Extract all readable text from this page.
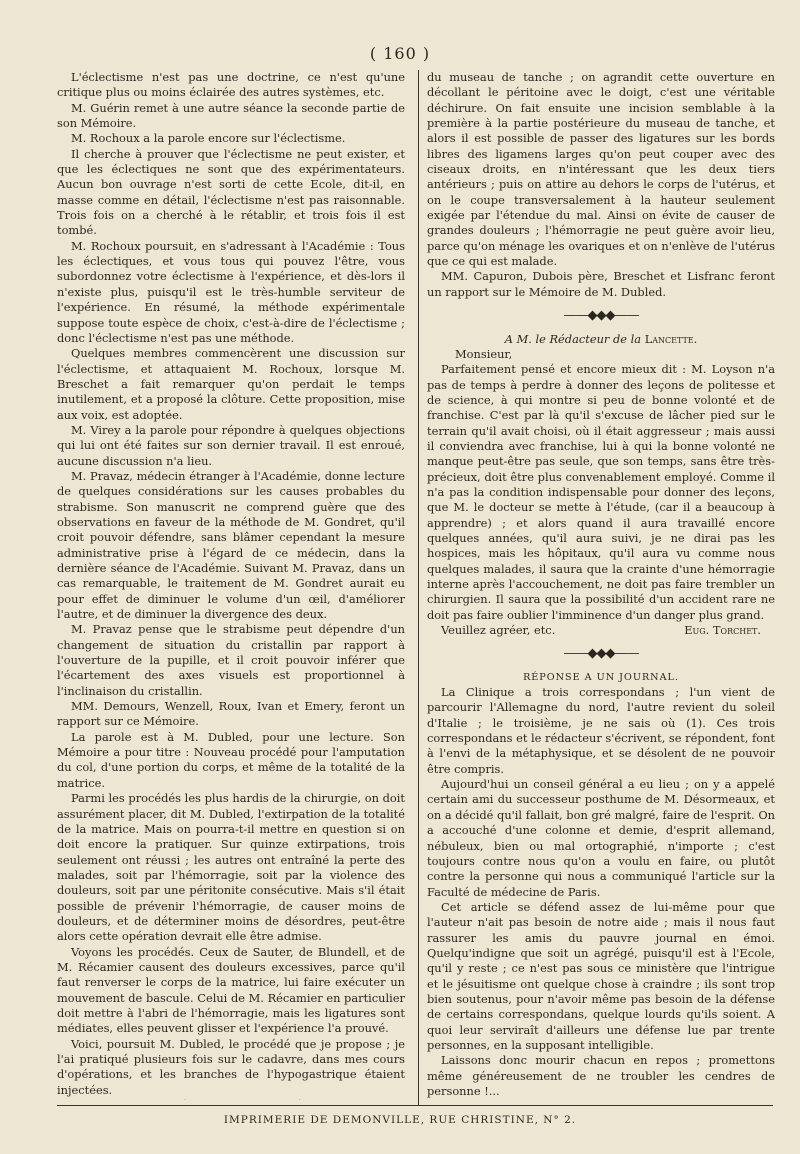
( 160 )

L'éclectisme n'est pas une doctrine, ce n'est qu'une critique plus ou moins éclairée des autres systèmes, etc.

M. Guérin remet à une autre séance la seconde partie de son Mémoire.

M. Rochoux a la parole encore sur l'éclectisme.

Il cherche à prouver que l'éclectisme ne peut exister, et que les éclectiques ne sont que des expérimentateurs. Aucun bon ouvrage n'est sorti de cette Ecole, dit-il, en masse comme en détail, l'éclectisme n'est pas raisonnable. Trois fois on a cherché à le rétablir, et trois fois il est tombé.

M. Rochoux poursuit, en s'adressant à l'Académie : Tous les éclectiques, et vous tous qui pouvez l'être, vous subordonnez votre éclectisme à l'expérience, et dès-lors il n'existe plus, puisqu'il est le très-humble serviteur de l'expérience. En résumé, la méthode expérimentale suppose toute espèce de choix, c'est-à-dire de l'éclectisme ; donc l'éclectisme n'est pas une méthode.

Quelques membres commencèrent une discussion sur l'éclectisme, et attaquaient M. Rochoux, lorsque M. Breschet a fait remarquer qu'on perdait le temps inutilement, et a proposé la clôture. Cette proposition, mise aux voix, est adoptée.

M. Virey a la parole pour répondre à quelques objections qui lui ont été faites sur son dernier travail. Il est enroué, aucune discussion n'a lieu.

M. Pravaz, médecin étranger à l'Académie, donne lecture de quelques considérations sur les causes probables du strabisme. Son manuscrit ne comprend guère que des observations en faveur de la méthode de M. Gondret, qu'il croit pouvoir défendre, sans blâmer cependant la mesure administrative prise à l'égard de ce médecin, dans la dernière séance de l'Académie. Suivant M. Pravaz, dans un cas remarquable, le traitement de M. Gondret aurait eu pour effet de diminuer le volume d'un œil, d'améliorer l'autre, et de diminuer la divergence des deux.

M. Pravaz pense que le strabisme peut dépendre d'un changement de situation du cristallin par rapport à l'ouverture de la pupille, et il croit pouvoir inférer que l'écartement des axes visuels est proportionnel à l'inclinaison du cristallin.

MM. Demours, Wenzell, Roux, Ivan et Emery, feront un rapport sur ce Mémoire.

La parole est à M. Dubled, pour une lecture. Son Mémoire a pour titre : Nouveau procédé pour l'amputation du col, d'une portion du corps, et même de la totalité de la matrice.

Parmi les procédés les plus hardis de la chirurgie, on doit assurément placer, dit M. Dubled, l'extirpation de la totalité de la matrice. Mais on pourra-t-il mettre en question si on doit encore la pratiquer. Sur quinze extirpations, trois seulement ont réussi ; les autres ont entraîné la perte des malades, soit par l'hémorragie, soit par la violence des douleurs, soit par une péritonite consécutive. Mais s'il était possible de prévenir l'hémorragie, de causer moins de douleurs, et de déterminer moins de désordres, peut-être alors cette opération devrait elle être admise.

Voyons les procédés. Ceux de Sauter, de Blundell, et de M. Récamier causent des douleurs excessives, parce qu'il faut renverser le corps de la matrice, lui faire exécuter un mouvement de bascule. Celui de M. Récamier en particulier doit mettre à l'abri de l'hémorragie, mais les ligatures sont médiates, elles peuvent glisser et l'expérience l'a prouvé.

Voici, poursuit M. Dubled, le procédé que je propose ; je l'ai pratiqué plusieurs fois sur le cadavre, dans mes cours d'opérations, et les branches de l'hypogastrique étaient injectées.

du museau de tanche ; on agrandit cette ouverture en décollant le péritoine avec le doigt, c'est une véritable déchirure. On fait ensuite une incision semblable à la première à la partie postérieure du museau de tanche, et alors il est possible de passer des ligatures sur les bords libres des ligamens larges qu'on peut couper avec des ciseaux droits, en n'intéressant que les deux tiers antérieurs ; puis on attire au dehors le corps de l'utérus, et on le coupe transversalement à la hauteur seulement exigée par l'étendue du mal. Ainsi on évite de causer de grandes douleurs ; l'hémorragie ne peut guère avoir lieu, parce qu'on ménage les ovariques et on n'enlève de l'utérus que ce qui est malade.

MM. Capuron, Dubois père, Breschet et Lisfranc feront un rapport sur le Mémoire de M. Dubled.

——◆◆◆——

A M. le Rédacteur de la Lancette.

Monsieur,

Parfaitement pensé et encore mieux dit : M. Loyson n'a pas de temps à perdre à donner des leçons de politesse et de science, à qui montre si peu de bonne volonté et de franchise. C'est par là qu'il s'excuse de lâcher pied sur le terrain qu'il avait choisi, où il était aggresseur ; mais aussi il conviendra avec franchise, lui à qui la bonne volonté ne manque peut-être pas seule, que son temps, sans être très-précieux, doit être plus convenablement employé. Comme il n'a pas la condition indispensable pour donner des leçons, que M. le docteur se mette à l'étude, (car il a beaucoup à apprendre) ; et alors quand il aura travaillé encore quelques années, qu'il aura suivi, je ne dirai pas les hospices, mais les hôpitaux, qu'il aura vu comme nous quelques malades, il saura que la crainte d'une hémorragie interne après l'accouchement, ne doit pas faire trembler un chirurgien. Il saura que la possibilité d'un accident rare ne doit pas faire oublier l'imminence d'un danger plus grand.

Veuillez agréer, etc.	Eug. Torchet.
——◆◆◆——

RÉPONSE A UN JOURNAL.

La Clinique a trois correspondans ; l'un vient de parcourir l'Allemagne du nord, l'autre revient du soleil d'Italie ; le troisième, je ne sais où (1). Ces trois correspondans et le rédacteur s'écrivent, se répondent, font à l'envi de la métaphysique, et se désolent de ne pouvoir être compris.

Aujourd'hui un conseil général a eu lieu ; on y a appelé certain ami du successeur posthume de M. Désormeaux, et on a décidé qu'il fallait, bon gré malgré, faire de l'esprit. On a accouché d'une colonne et demie, d'esprit allemand, nébuleux, bien ou mal ortographié, n'importe ; c'est toujours contre nous qu'on a voulu en faire, ou plutôt contre la personne qui nous a communiqué l'article sur la Faculté de médecine de Paris.

Cet article se défend assez de lui-même pour que l'auteur n'ait pas besoin de notre aide ; mais il nous faut rassurer les amis du pauvre journal en émoi. Quelqu'indigne que soit un agrégé, puisqu'il est à l'Ecole, qu'il y reste ; ce n'est pas sous ce ministère que l'intrigue et le jésuitisme ont quelque chose à craindre ; ils sont trop bien soutenus, pour n'avoir même pas besoin de la défense de certains correspondans, quelque lourds qu'ils soient. A quoi leur serviraît d'ailleurs une défense lue par trente personnes, en la supposant intelligible.

Laissons donc mourir chacun en repos ; promettons même généreusement de ne troubler les cendres de personne !...

IMPRIMERIE DE DEMONVILLE, RUE CHRISTINE, N° 2.
